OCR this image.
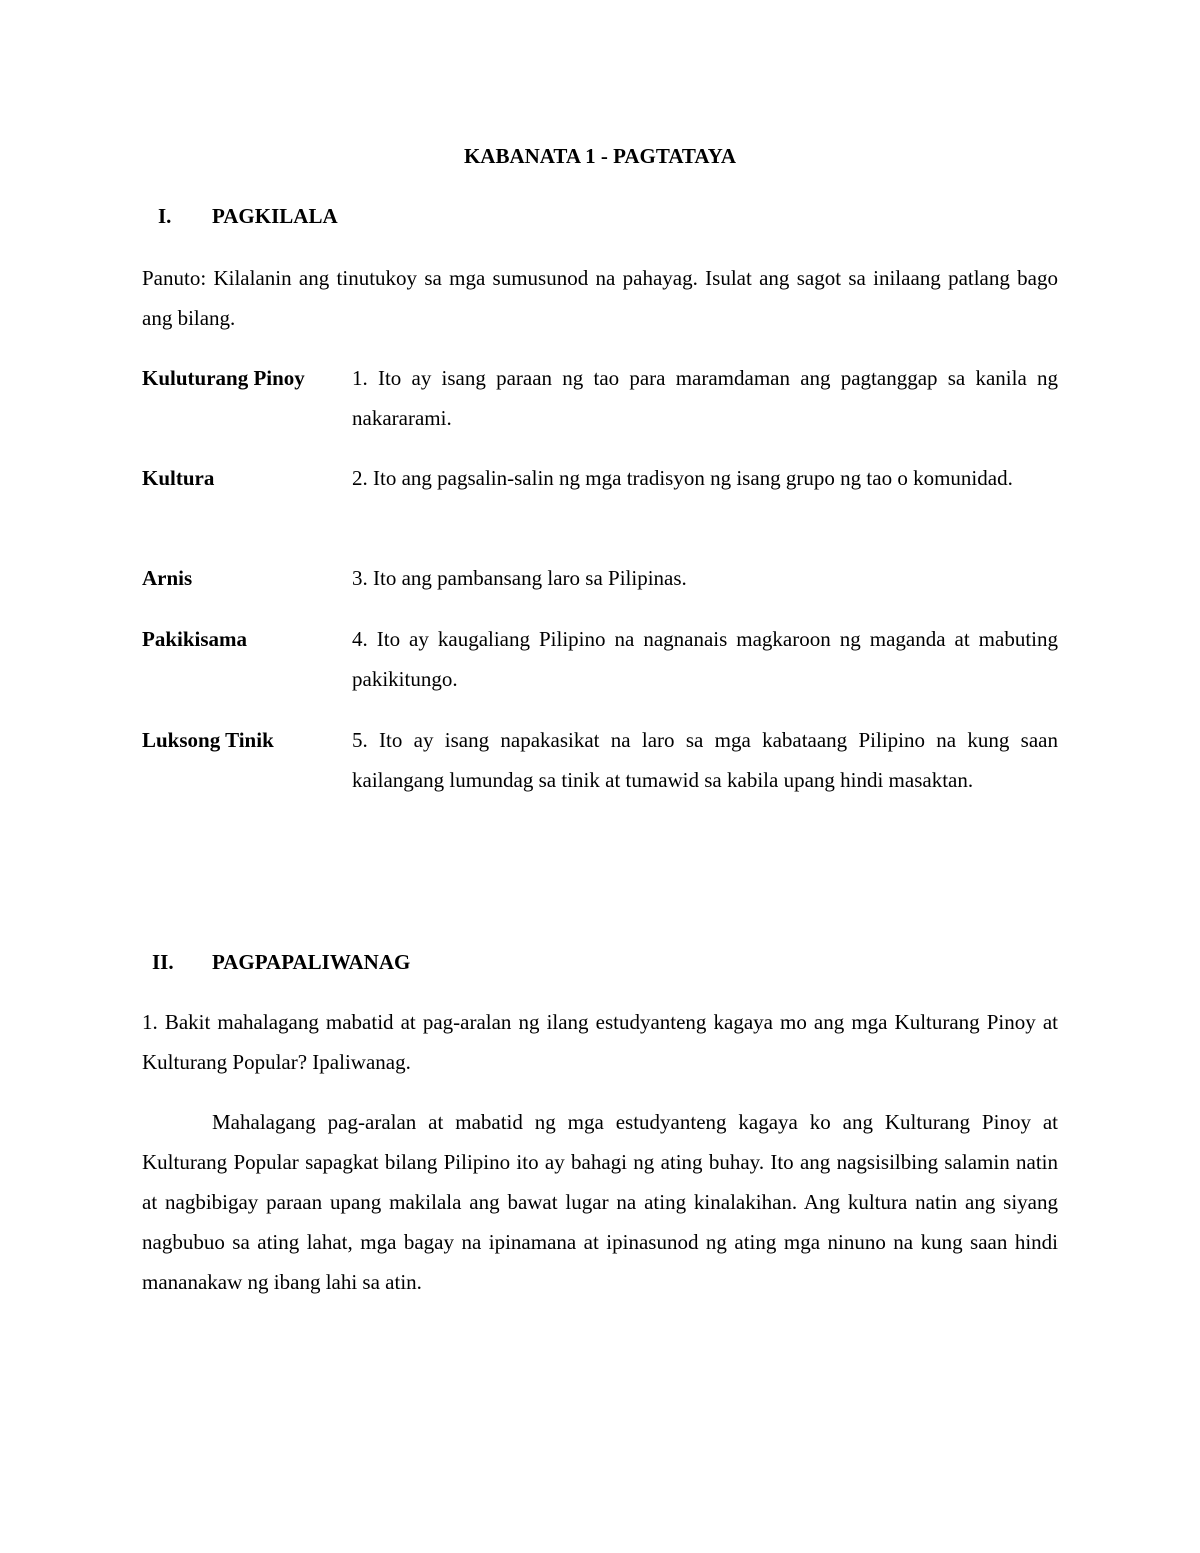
KABANATA 1 - PAGTATAYA
I. PAGKILALA
Panuto: Kilalanin ang tinutukoy sa mga sumusunod na pahayag. Isulat ang sagot sa inilaang patlang bago ang bilang.
Kuluturang Pinoy 1. Ito ay isang paraan ng tao para maramdaman ang pagtanggap sa kanila ng nakararami.
Kultura	2. Ito ang pagsalin-salin ng mga tradisyon ng isang grupo ng tao o komunidad.
Arnis	3. Ito ang pambansang laro sa Pilipinas.
Pakikisama	4. Ito ay kaugaliang Pilipino na nagnanais magkaroon ng maganda at mabuting pakikitungo.
Luksong Tinik	5. Ito ay isang napakasikat na laro sa mga kabataang Pilipino na kung saan kailangang lumundag sa tinik at tumawid sa kabila upang hindi masaktan.
II. PAGPAPALIWANAG
1. Bakit mahalagang mabatid at pag-aralan ng ilang estudyanteng kagaya mo ang mga Kulturang Pinoy at Kulturang Popular? Ipaliwanag.
Mahalagang pag-aralan at mabatid ng mga estudyanteng kagaya ko ang Kulturang Pinoy at Kulturang Popular sapagkat bilang Pilipino ito ay bahagi ng ating buhay. Ito ang nagsisilbing salamin natin at nagbibigay paraan upang makilala ang bawat lugar na ating kinalakihan. Ang kultura natin ang siyang nagbubuo sa ating lahat, mga bagay na ipinamana at ipinasunod ng ating mga ninuno na kung saan hindi mananakaw ng ibang lahi sa atin.
